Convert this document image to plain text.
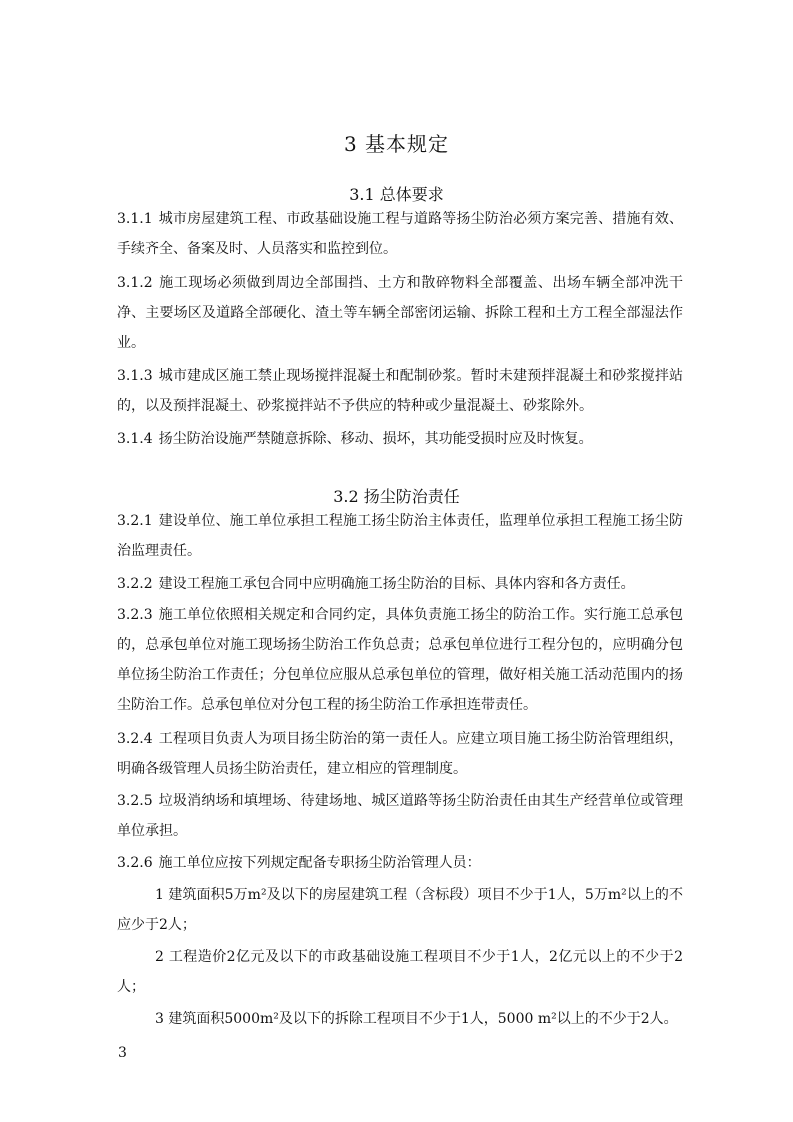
3 基本规定
3.1 总体要求
3.1.1 城市房屋建筑工程、市政基础设施工程与道路等扬尘防治必须方案完善、措施有效、手续齐全、备案及时、人员落实和监控到位。
3.1.2 施工现场必须做到周边全部围挡、土方和散碎物料全部覆盖、出场车辆全部冲洗干净、主要场区及道路全部硬化、渣土等车辆全部密闭运输、拆除工程和土方工程全部湿法作业。
3.1.3 城市建成区施工禁止现场搅拌混凝土和配制砂浆。暂时未建预拌混凝土和砂浆搅拌站的，以及预拌混凝土、砂浆搅拌站不予供应的特种或少量混凝土、砂浆除外。
3.1.4 扬尘防治设施严禁随意拆除、移动、损坏，其功能受损时应及时恢复。
3.2 扬尘防治责任
3.2.1 建设单位、施工单位承担工程施工扬尘防治主体责任，监理单位承担工程施工扬尘防治监理责任。
3.2.2 建设工程施工承包合同中应明确施工扬尘防治的目标、具体内容和各方责任。
3.2.3 施工单位依照相关规定和合同约定，具体负责施工扬尘的防治工作。实行施工总承包的，总承包单位对施工现场扬尘防治工作负总责；总承包单位进行工程分包的，应明确分包单位扬尘防治工作责任；分包单位应服从总承包单位的管理，做好相关施工活动范围内的扬尘防治工作。总承包单位对分包工程的扬尘防治工作承担连带责任。
3.2.4 工程项目负责人为项目扬尘防治的第一责任人。应建立项目施工扬尘防治管理组织，明确各级管理人员扬尘防治责任，建立相应的管理制度。
3.2.5 垃圾消纳场和填埋场、待建场地、城区道路等扬尘防治责任由其生产经营单位或管理单位承担。
3.2.6 施工单位应按下列规定配备专职扬尘防治管理人员：
1 建筑面积5万m²及以下的房屋建筑工程（含标段）项目不少于1人，5万m²以上的不应少于2人；
2 工程造价2亿元及以下的市政基础设施工程项目不少于1人，2亿元以上的不少于2人；
3 建筑面积5000m²及以下的拆除工程项目不少于1人，5000 m²以上的不少于2人。
3
